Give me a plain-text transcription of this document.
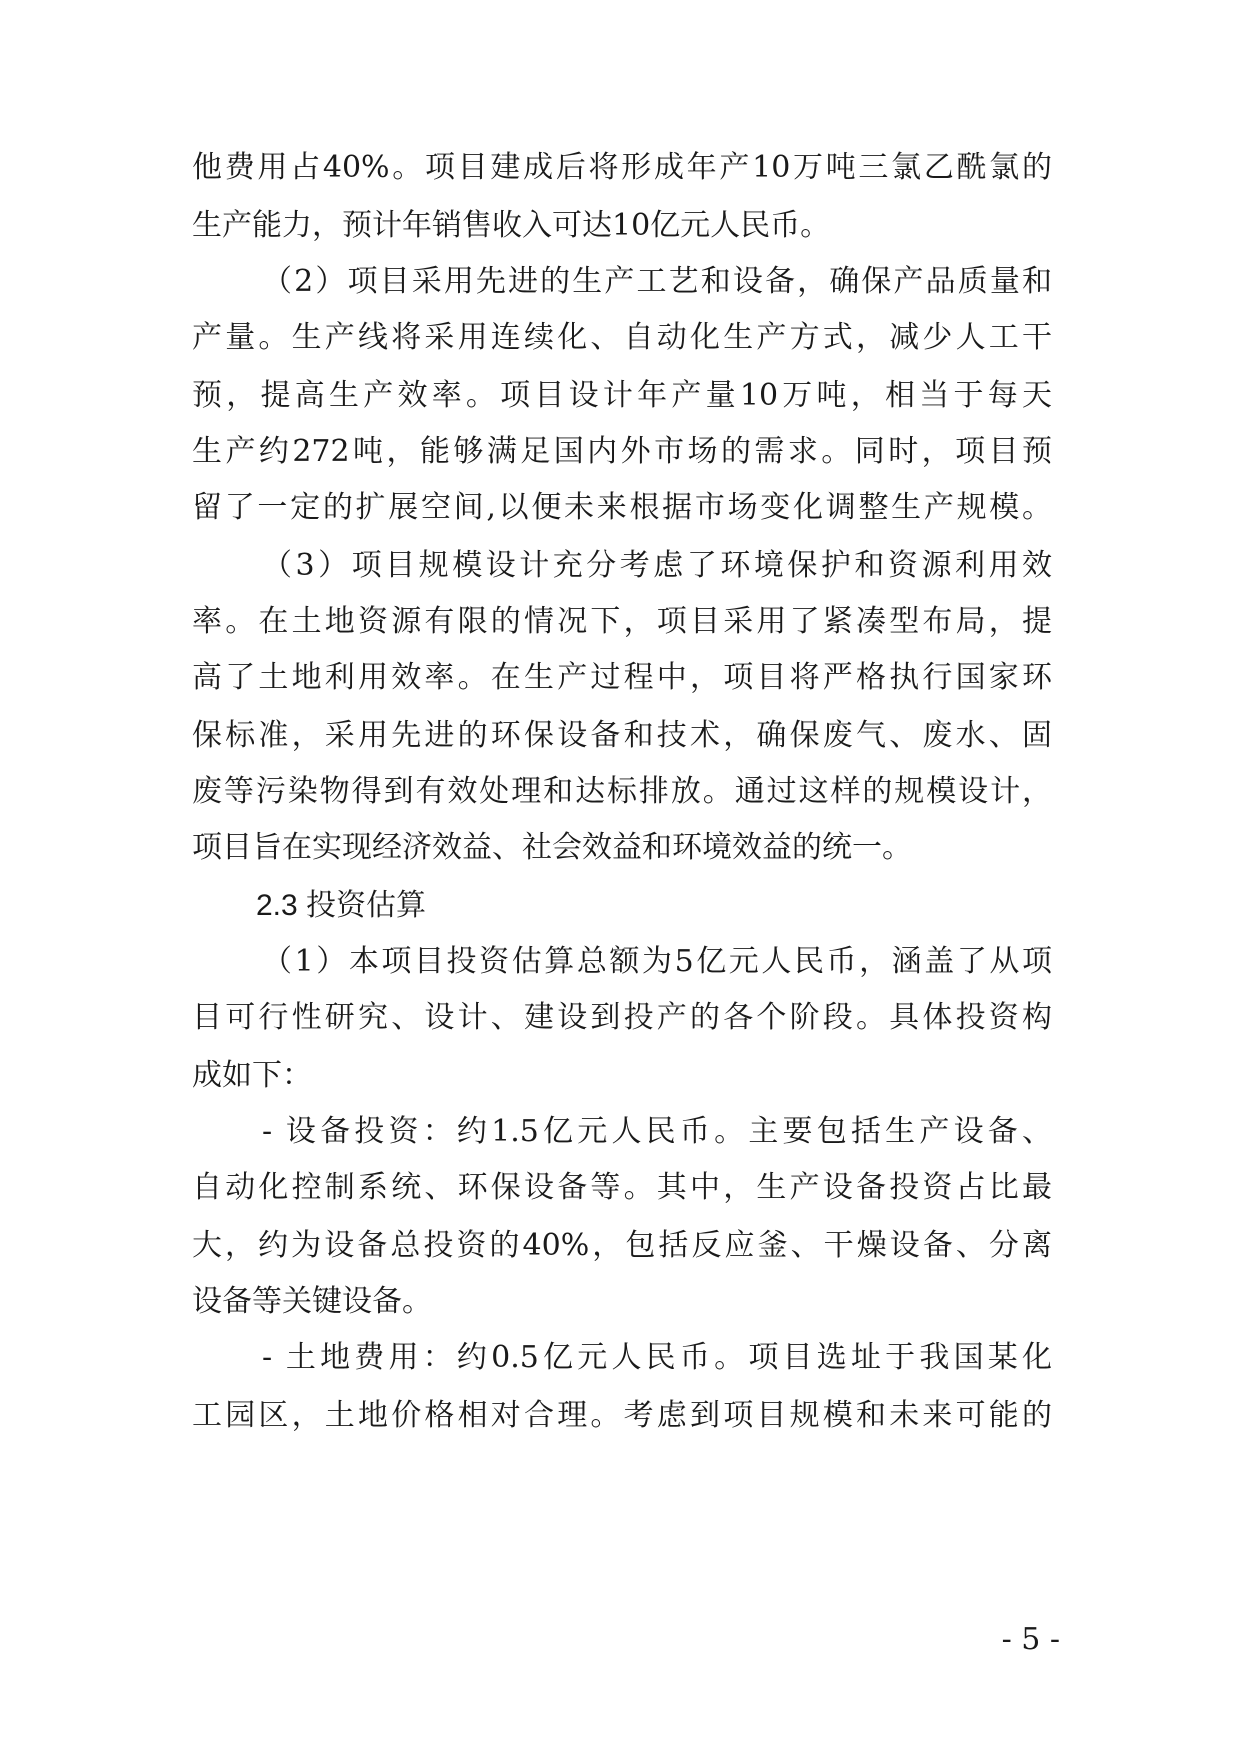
他费用占40%。项目建成后将形成年产10万吨三氯乙酰氯的
生产能力，预计年销售收入可达10亿元人民币。
（2）项目采用先进的生产工艺和设备，确保产品质量和
产量。生产线将采用连续化、自动化生产方式，减少人工干
预，提高生产效率。项目设计年产量10万吨，相当于每天
生产约272吨，能够满足国内外市场的需求。同时，项目预
留了一定的扩展空间,以便未来根据市场变化调整生产规模。
（3）项目规模设计充分考虑了环境保护和资源利用效
率。在土地资源有限的情况下，项目采用了紧凑型布局，提
高了土地利用效率。在生产过程中，项目将严格执行国家环
保标准，采用先进的环保设备和技术，确保废气、废水、固
废等污染物得到有效处理和达标排放。通过这样的规模设计，
项目旨在实现经济效益、社会效益和环境效益的统一。
2.3 投资估算
（1）本项目投资估算总额为5亿元人民币，涵盖了从项
目可行性研究、设计、建设到投产的各个阶段。具体投资构
成如下：
- 设备投资：约1.5亿元人民币。主要包括生产设备、
自动化控制系统、环保设备等。其中，生产设备投资占比最
大，约为设备总投资的40%，包括反应釜、干燥设备、分离
设备等关键设备。
- 土地费用：约0.5亿元人民币。项目选址于我国某化
工园区，土地价格相对合理。考虑到项目规模和未来可能的
- 5 -
